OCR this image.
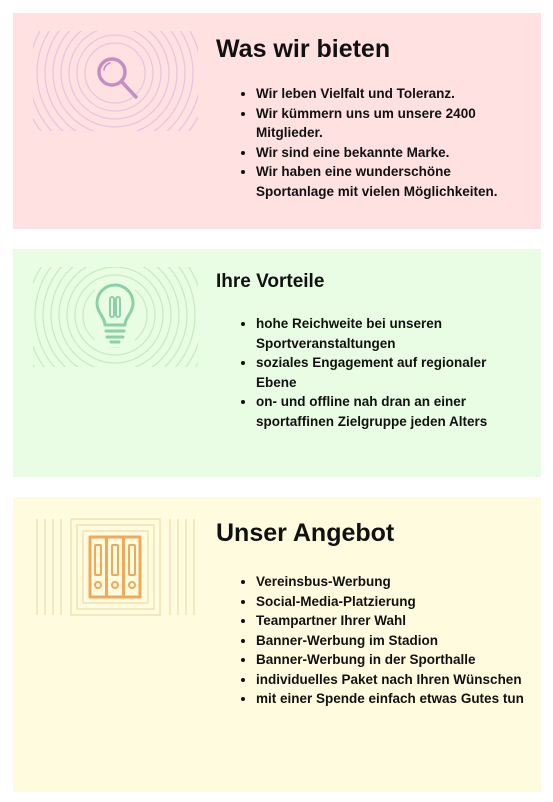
Was wir bieten
• Wir leben Vielfalt und Toleranz.
• Wir kümmern uns um unsere 2400 Mitglieder.
• Wir sind eine bekannte Marke.
• Wir haben eine wunderschöne Sportanlage mit vielen Möglichkeiten.
Ihre Vorteile
• hohe Reichweite bei unseren Sportveranstaltungen
• soziales Engagement auf regionaler Ebene
• on- und offline nah dran an einer sportaffinen Zielgruppe jeden Alters
Unser Angebot
• Vereinsbus-Werbung
• Social-Media-Platzierung
• Teampartner Ihrer Wahl
• Banner-Werbung im Stadion
• Banner-Werbung in der Sporthalle
• individuelles Paket nach Ihren Wünschen
• mit einer Spende einfach etwas Gutes tun
